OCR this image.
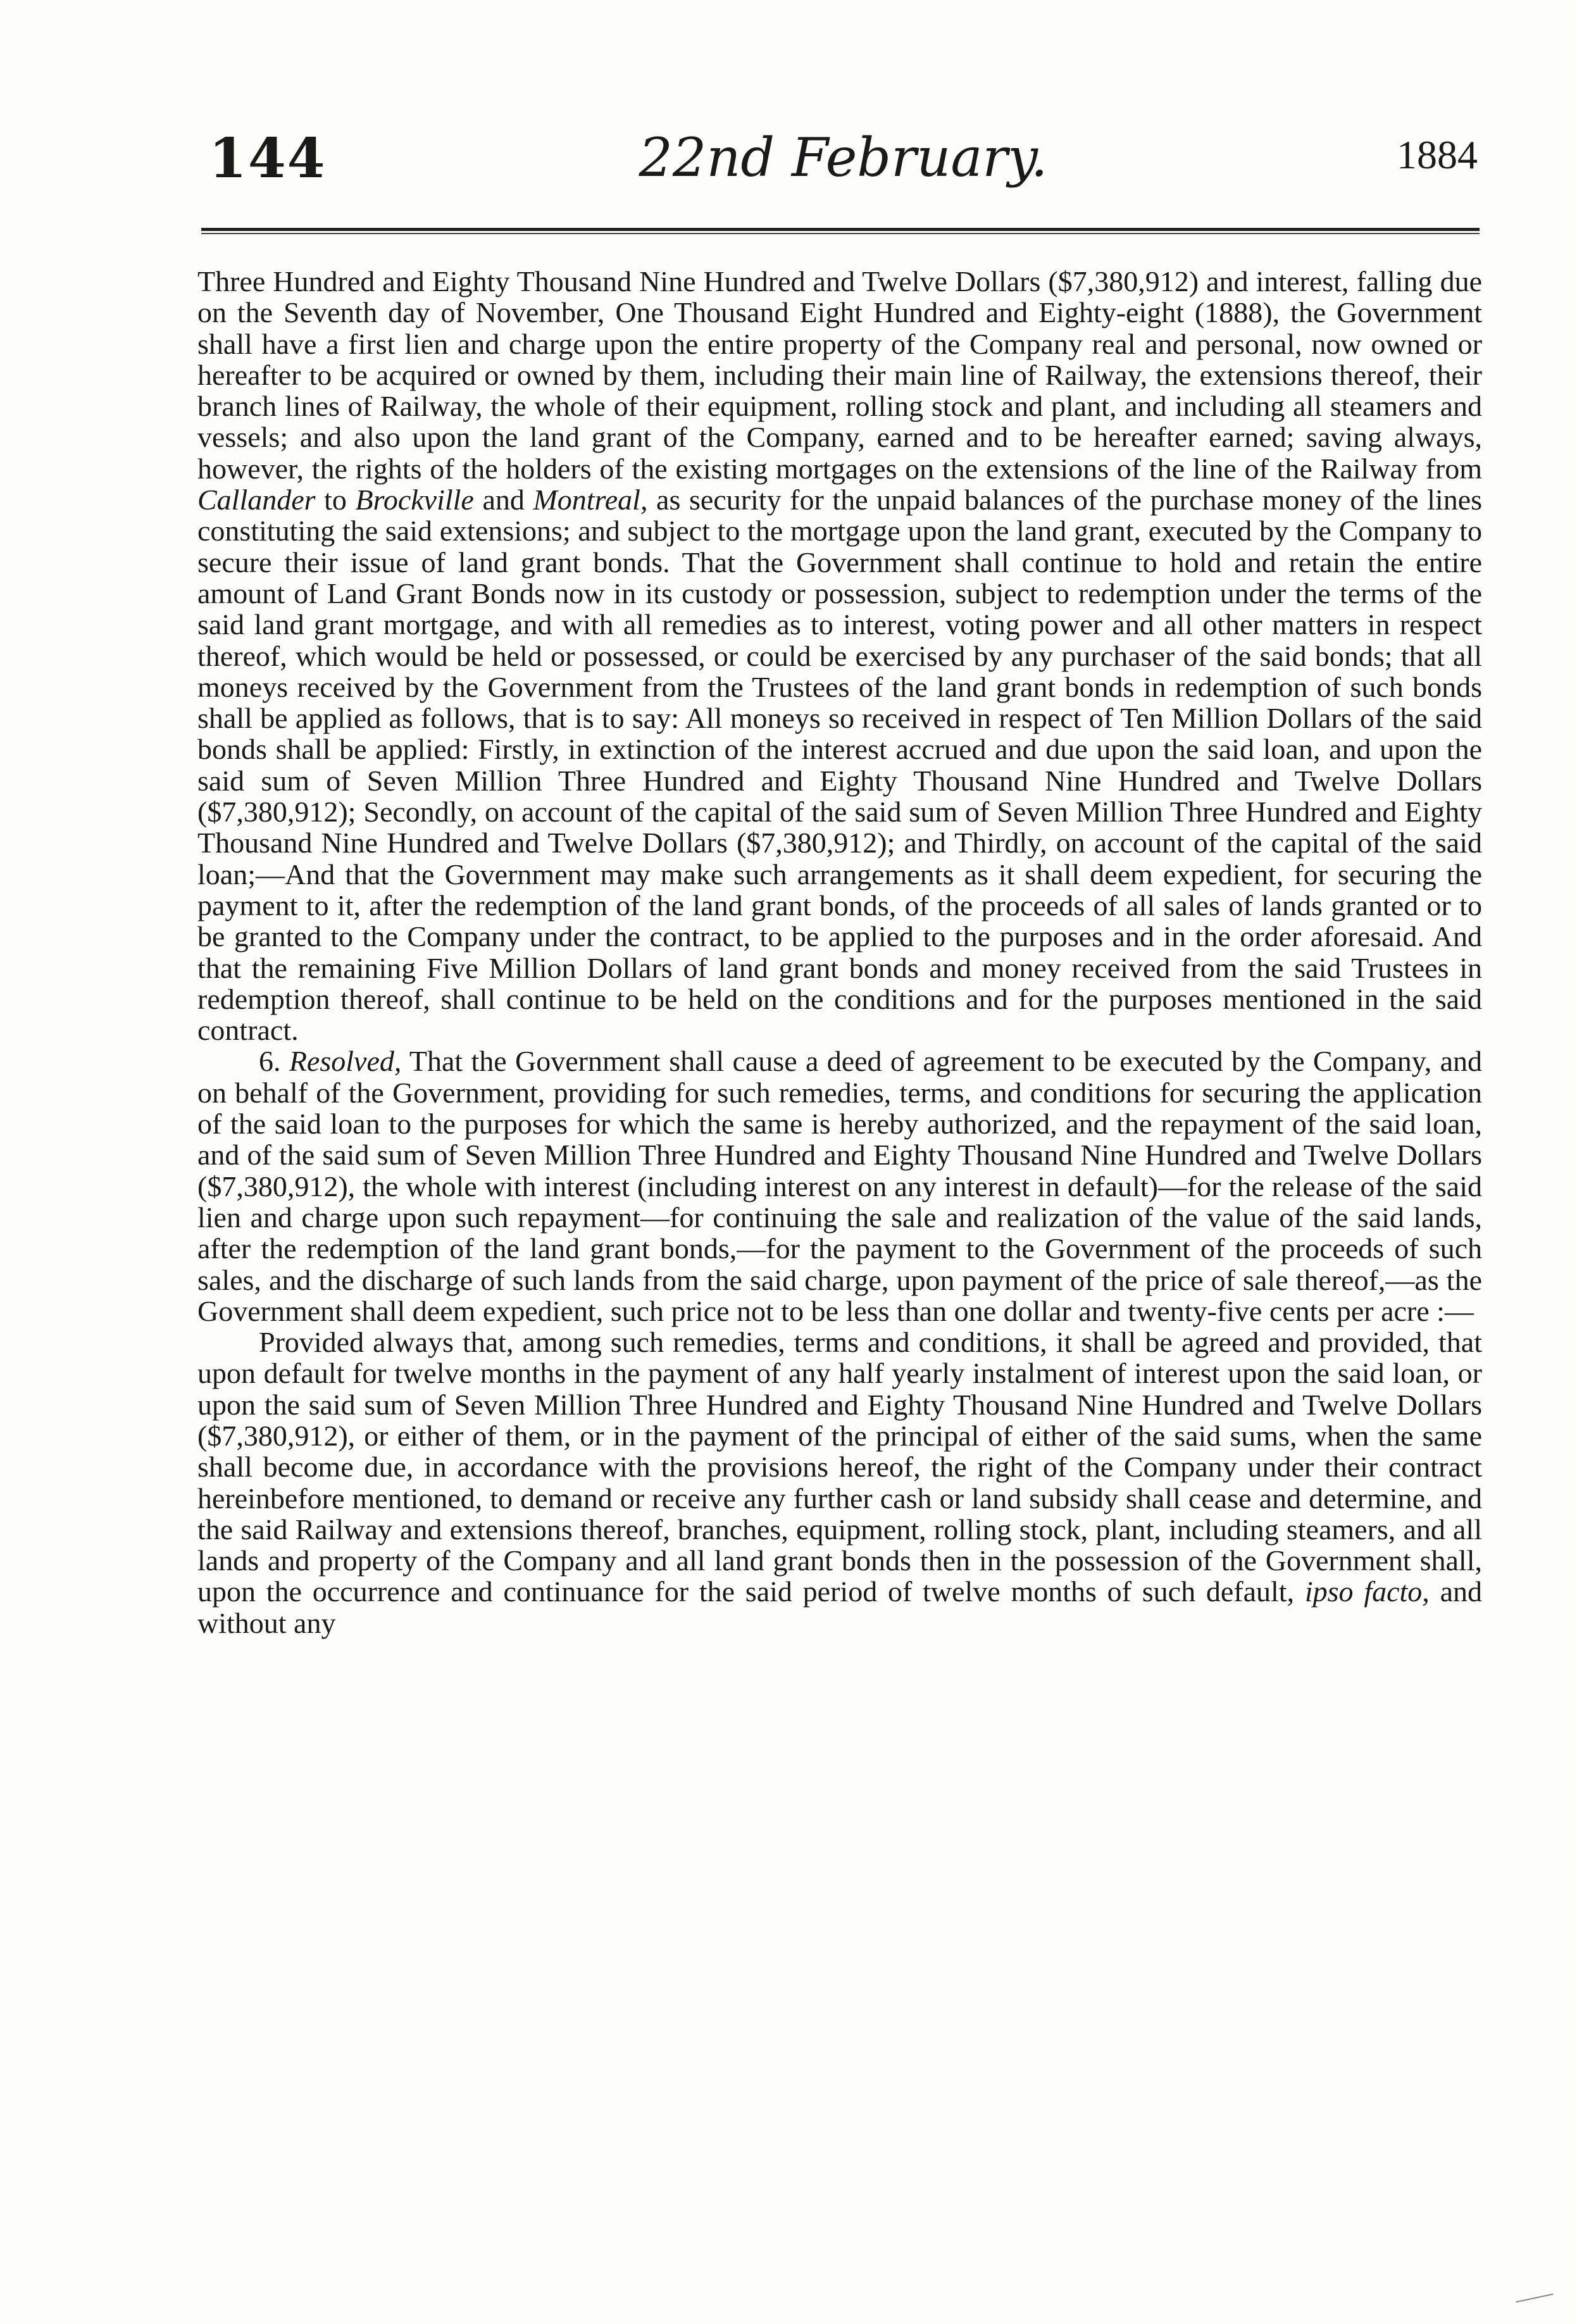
144	22nd February.	1884

Three Hundred and Eighty Thousand Nine Hundred and Twelve Dollars ($7,380,912) and interest, falling due on the Seventh day of November, One Thousand Eight Hundred and Eighty-eight (1888), the Government shall have a first lien and charge upon the entire property of the Company real and personal, now owned or hereafter to be acquired or owned by them, including their main line of Railway, the extensions thereof, their branch lines of Railway, the whole of their equipment, rolling stock and plant, and including all steamers and vessels; and also upon the land grant of the Company, earned and to be hereafter earned; saving always, however, the rights of the holders of the existing mortgages on the extensions of the line of the Railway from Callander to Brockville and Montreal, as security for the unpaid balances of the purchase money of the lines constituting the said extensions; and subject to the mortgage upon the land grant, executed by the Company to secure their issue of land grant bonds. That the Government shall continue to hold and retain the entire amount of Land Grant Bonds now in its custody or possession, subject to redemption under the terms of the said land grant mortgage, and with all remedies as to interest, voting power and all other matters in respect thereof, which would be held or possessed, or could be exercised by any purchaser of the said bonds; that all moneys received by the Government from the Trustees of the land grant bonds in redemption of such bonds shall be applied as follows, that is to say: All moneys so received in respect of Ten Million Dollars of the said bonds shall be applied: Firstly, in extinction of the interest accrued and due upon the said loan, and upon the said sum of Seven Million Three Hundred and Eighty Thousand Nine Hundred and Twelve Dollars ($7,380,912); Secondly, on account of the capital of the said sum of Seven Million Three Hundred and Eighty Thousand Nine Hundred and Twelve Dollars ($7,380,912); and Thirdly, on account of the capital of the said loan;—And that the Government may make such arrangements as it shall deem expedient, for securing the payment to it, after the redemption of the land grant bonds, of the proceeds of all sales of lands granted or to be granted to the Company under the contract, to be applied to the purposes and in the order aforesaid. And that the remaining Five Million Dollars of land grant bonds and money received from the said Trustees in redemption thereof, shall continue to be held on the conditions and for the purposes mentioned in the said contract.

6. Resolved, That the Government shall cause a deed of agreement to be executed by the Company, and on behalf of the Government, providing for such remedies, terms, and conditions for securing the application of the said loan to the purposes for which the same is hereby authorized, and the repayment of the said loan, and of the said sum of Seven Million Three Hundred and Eighty Thousand Nine Hundred and Twelve Dollars ($7,380,912), the whole with interest (including interest on any interest in default)—for the release of the said lien and charge upon such repayment—for continuing the sale and realization of the value of the said lands, after the redemption of the land grant bonds,—for the payment to the Government of the proceeds of such sales, and the discharge of such lands from the said charge, upon payment of the price of sale thereof,—as the Government shall deem expedient, such price not to be less than one dollar and twenty-five cents per acre :—

Provided always that, among such remedies, terms and conditions, it shall be agreed and provided, that upon default for twelve months in the payment of any half yearly instalment of interest upon the said loan, or upon the said sum of Seven Million Three Hundred and Eighty Thousand Nine Hundred and Twelve Dollars ($7,380,912), or either of them, or in the payment of the principal of either of the said sums, when the same shall become due, in accordance with the provisions hereof, the right of the Company under their contract hereinbefore mentioned, to demand or receive any further cash or land subsidy shall cease and determine, and the said Railway and extensions thereof, branches, equipment, rolling stock, plant, including steamers, and all lands and property of the Company and all land grant bonds then in the possession of the Government shall, upon the occurrence and continuance for the said period of twelve months of such default, ipso facto, and without any
